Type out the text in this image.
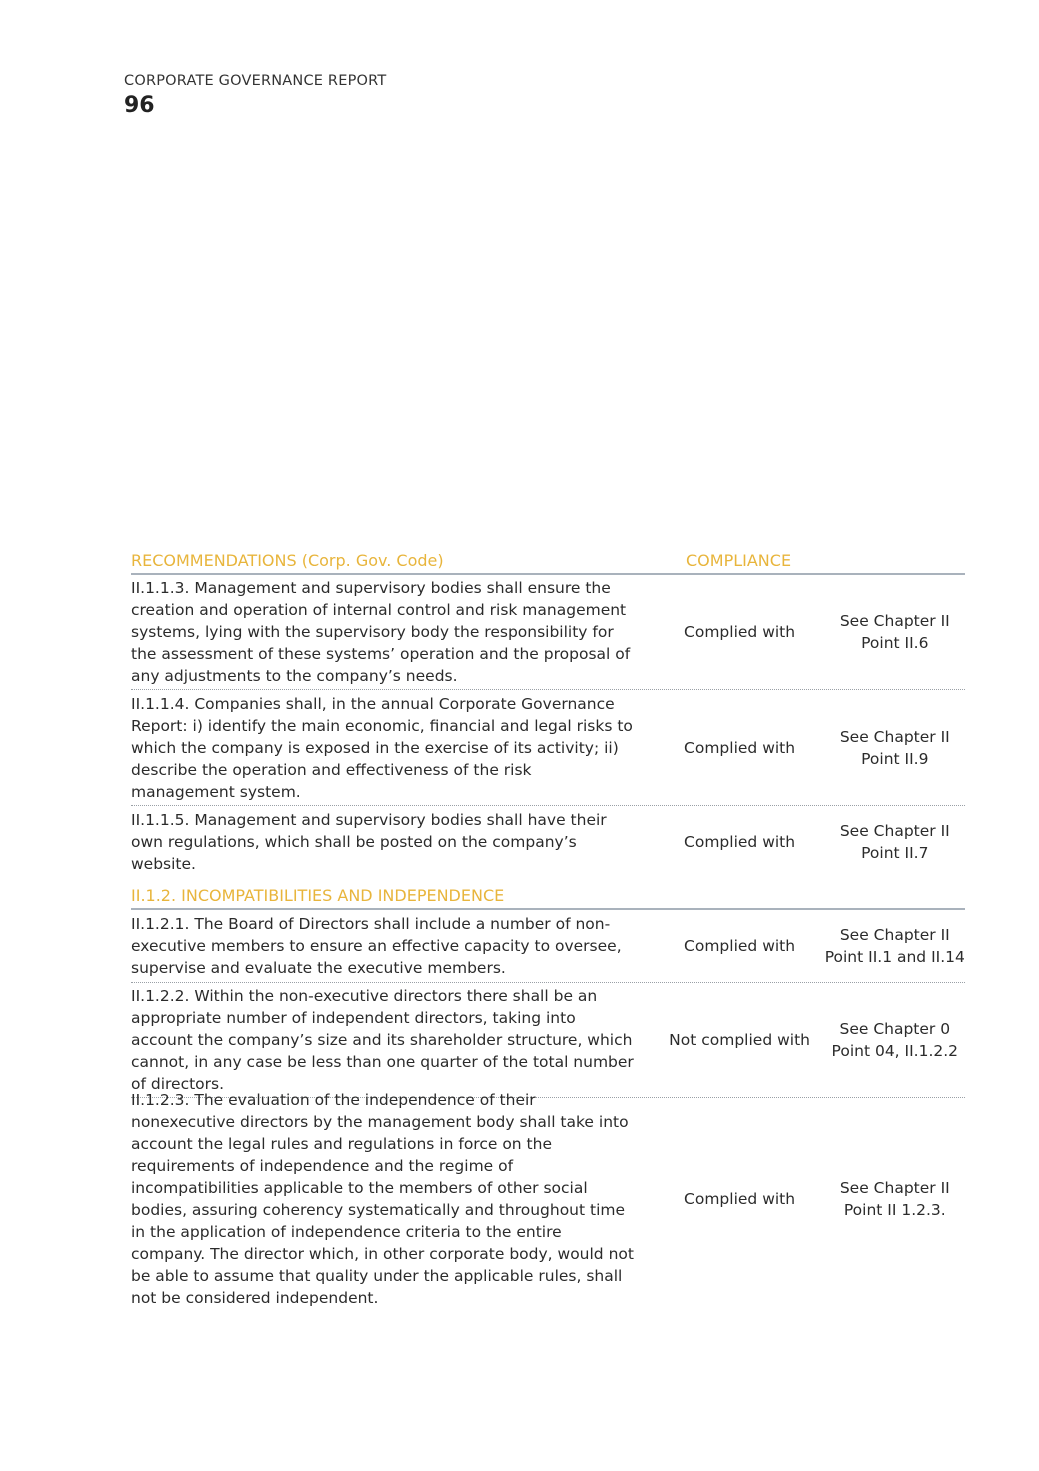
CORPORATE GOVERNANCE REPORT
96
RECOMMENDATIONS (Corp. Gov. Code)	COMPLIANCE
II.1.1.3. Management and supervisory bodies shall ensure the creation and operation of internal control and risk management systems, lying with the supervisory body the responsibility for the assessment of these systems’ operation and the proposal of any adjustments to the company’s needs.
Complied with
See Chapter II Point II.6
II.1.1.4. Companies shall, in the annual Corporate Governance Report: i) identify the main economic, financial and legal risks to which the company is exposed in the exercise of its activity; ii) describe the operation and effectiveness of the risk management system.
Complied with
See Chapter II Point II.9
II.1.1.5. Management and supervisory bodies shall have their own regulations, which shall be posted on the company’s website.
Complied with
See Chapter II Point II.7
II.1.2. INCOMPATIBILITIES AND INDEPENDENCE
II.1.2.1. The Board of Directors shall include a number of non-executive members to ensure an effective capacity to oversee, supervise and evaluate the executive members.
Complied with
See Chapter II Point II.1 and II.14
II.1.2.2. Within the non-executive directors there shall be an appropriate number of independent directors, taking into account the company’s size and its shareholder structure, which cannot, in any case be less than one quarter of the total number of directors.
Not complied with
See Chapter 0 Point 04, II.1.2.2
II.1.2.3. The evaluation of the independence of their nonexecutive directors by the management body shall take into account the legal rules and regulations in force on the requirements of independence and the regime of incompatibilities applicable to the members of other social bodies, assuring coherency systematically and throughout time in the application of independence criteria to the entire company. The director which, in other corporate body, would not be able to assume that quality under the applicable rules, shall not be considered independent.
Complied with
See Chapter II Point II 1.2.3.
